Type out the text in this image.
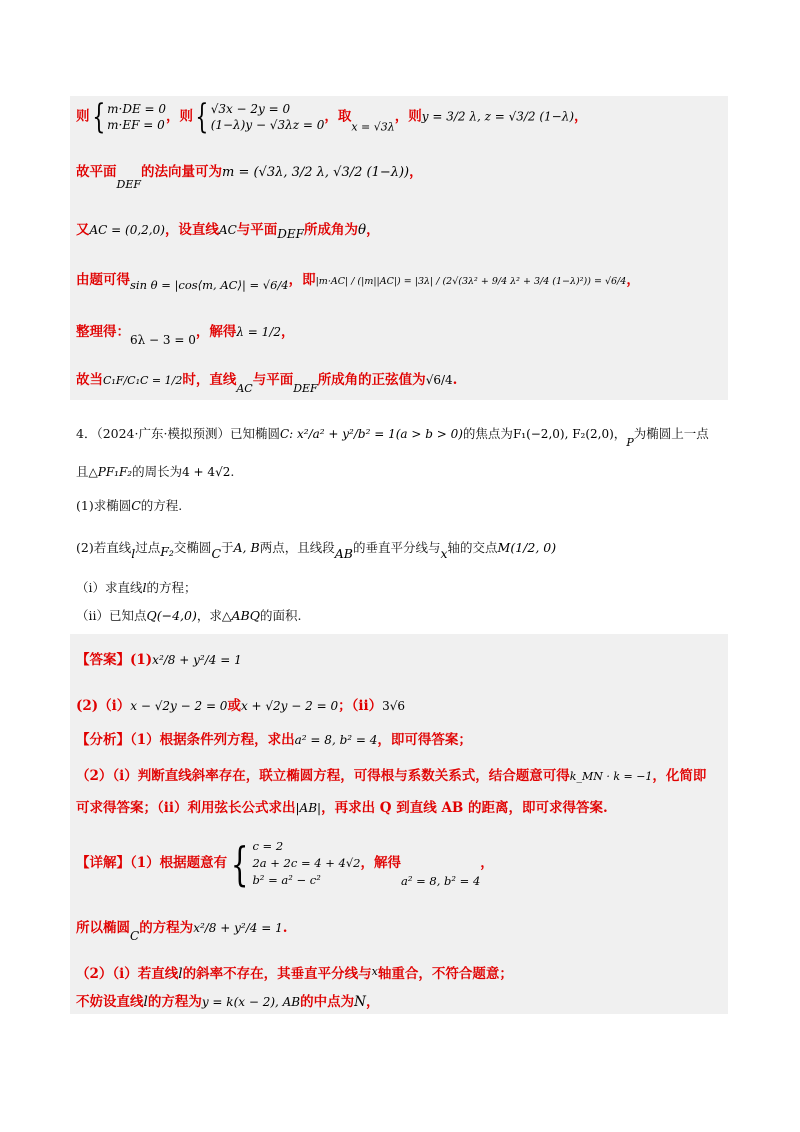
则{ m·DE = 0
m·EF = 0
，则{ √3x − 2y = 0
(1−λ)y − √3λz = 0
，取$_{x = √3\lambda}$，则y = 3/2 λ, z = √3/2 (1−λ)，
故平面$_{DEF}$的法向量可为m = (√3λ, 3/2 λ, √3/2 (1−λ))，
又AC = (0,2,0)，设直线AC与平面DEF所成角为θ，
由题可得sin θ = |cos⟨m, AC⟩| = √6/4，即|m·AC| / (|m||AC|) = |3λ| / (2√(3λ² + 9/4 λ² + 3/4 (1−λ)²)) = √6/4，
整理得：6λ − 3 = 0，解得λ = 1/2，
故当C₁F/C₁C = 1/2时，直线$_{AC}$与平面$_{DEF}$所成角的正弦值为√6/4.
4．（2024·广东·模拟预测）已知椭圆C: x²/a² + y²/b² = 1(a > b > 0)的焦点为F₁(−2,0), F₂(2,0)，P为椭圆上一点
且△PF₁F₂的周长为4 + 4√2.
(1)求椭圆C的方程.
(2)若直线l过点F₂交椭圆C于A, B两点，且线段AB的垂直平分线与x轴的交点M(1/2, 0)
（i）求直线l的方程；
（ii）已知点Q(−4,0)，求△ABQ的面积.
【答案】(1)x²/8 + y²/4 = 1
(2)（i）x − √2y − 2 = 0或x + √2y − 2 = 0；（ii）3√6
【分析】（1）根据条件列方程，求出a² = 8, b² = 4，即可得答案；
（2）（i）判断直线斜率存在，联立椭圆方程，可得根与系数关系式，结合题意可得k_MN · k = −1，化简即
可求得答案；（ii）利用弦长公式求出|AB|，再求出 Q 到直线 AB 的距离，即可求得答案.
【详解】（1）根据题意有{ c = 2
2a + 2c = 4 + 4√2
b² = a² − c²
，解得a² = 8, b² = 4，
所以椭圆C的方程为x²/8 + y²/4 = 1.
（2）（i）若直线l的斜率不存在，其垂直平分线与$^x$轴重合，不符合题意；
不妨设直线l的方程为y = k(x − 2), AB的中点为N，
